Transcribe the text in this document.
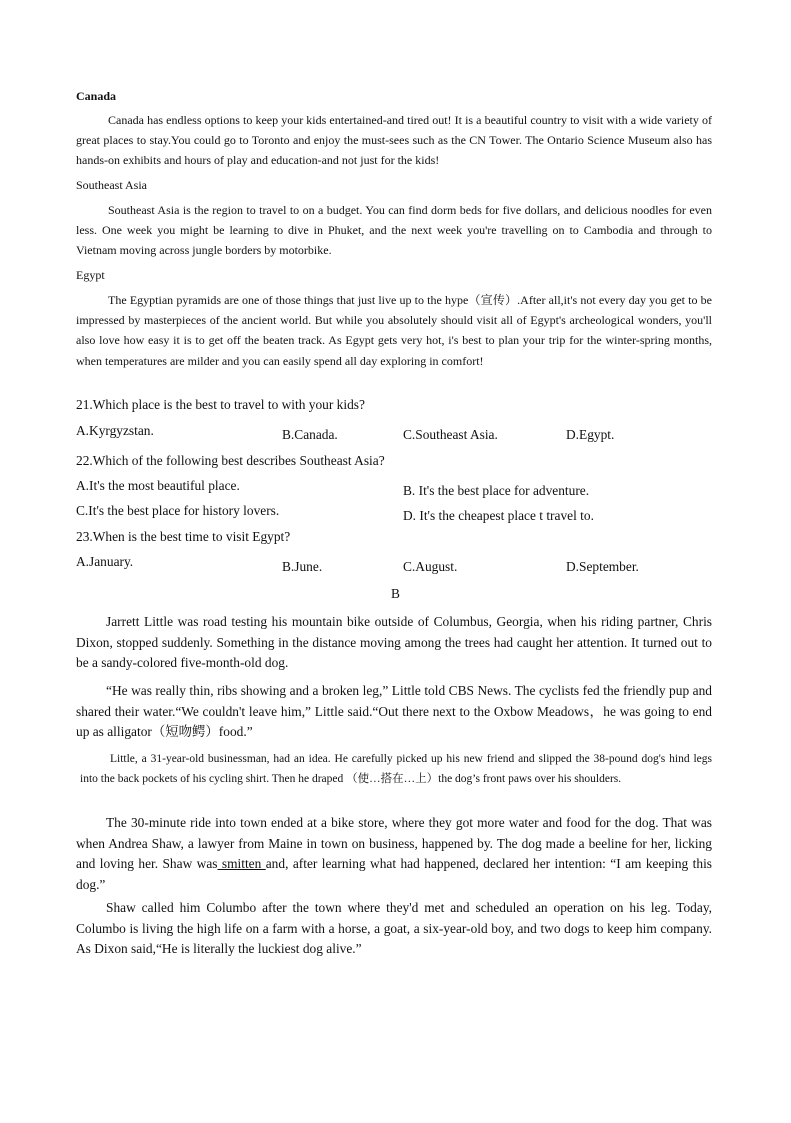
Canada

Canada has endless options to keep your kids entertained-and tired out! It is a beautiful country to visit with a wide variety of great places to stay.You could go to Toronto and enjoy the must-sees such as the CN Tower. The Ontario Science Museum also has hands-on exhibits and hours of play and education-and not just for the kids!

Southeast Asia

Southeast Asia is the region to travel to on a budget. You can find dorm beds for five dollars, and delicious noodles for even less. One week you might be learning to dive in Phuket, and the next week you're travelling on to Cambodia and through to Vietnam moving across jungle borders by motorbike.

Egypt

The Egyptian pyramids are one of those things that just live up to the hype（宣传）.After all,it's not every day you get to be impressed by masterpieces of the ancient world. But while you absolutely should visit all of Egypt's archeological wonders, you'll also love how easy it is to get off the beaten track. As Egypt gets very hot, i's best to plan your trip for the winter-spring months, when temperatures are milder and you can easily spend all day exploring in comfort!

21.Which place is the best to travel to with your kids?
A.Kyrgyzstan.	B.Canada.	C.Southeast Asia.	D.Egypt.
22.Which of the following best describes Southeast Asia?
A.It's the most beautiful place.	B. It's the best place for adventure.
C.It's the best place for history lovers.	D. It's the cheapest place t travel to.
23.When is the best time to visit Egypt?
A.January.	B.June.	C.August.	D.September.
B

Jarrett Little was road testing his mountain bike outside of Columbus, Georgia, when his riding partner, Chris Dixon, stopped suddenly. Something in the distance moving among the trees had caught her attention. It turned out to be a sandy-colored five-month-old dog.

“He was really thin, ribs showing and a broken leg,” Little told CBS News. The cyclists fed the friendly pup and shared their water.“We couldn't leave him,” Little said.“Out there next to the Oxbow Meadows，he was going to end up as alligator（短吻鳄）food.”

Little, a 31-year-old businessman, had an idea. He carefully picked up his new friend and slipped the 38-pound dog's hind legs into the back pockets of his cycling shirt. Then he draped （使…搭在…上）the dog’s front paws over his shoulders.

The 30-minute ride into town ended at a bike store, where they got more water and food for the dog. That was when Andrea Shaw, a lawyer from Maine in town on business, happened by. The dog made a beeline for her, licking and loving her. Shaw was smitten and, after learning what had happened, declared her intention: “I am keeping this dog.”

Shaw called him Columbo after the town where they'd met and scheduled an operation on his leg. Today, Columbo is living the high life on a farm with a horse, a goat, a six-year-old boy, and two dogs to keep him company. As Dixon said,“He is literally the luckiest dog alive.”
